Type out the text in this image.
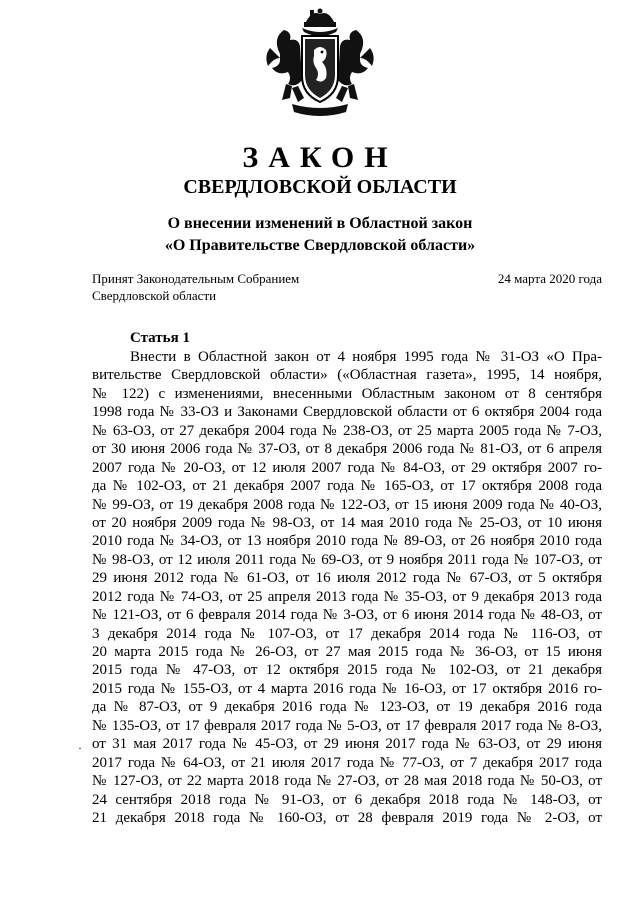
ЗАКОН
СВЕРДЛОВСКОЙ ОБЛАСТИ
О внесении изменений в Областной закон
«О Правительстве Свердловской области»
Принят Законодательным Собранием
Свердловской области
24 марта 2020 года
Статья 1
Внести в Областной закон от 4 ноября 1995 года № 31-ОЗ «О Пра-
вительстве Свердловской области» («Областная газета», 1995, 14 ноября,
№ 122) с изменениями, внесенными Областным законом от 8 сентября
1998 года № 33-ОЗ и Законами Свердловской области от 6 октября 2004 года
№ 63-ОЗ, от 27 декабря 2004 года № 238-ОЗ, от 25 марта 2005 года № 7-ОЗ,
от 30 июня 2006 года № 37-ОЗ, от 8 декабря 2006 года № 81-ОЗ, от 6 апреля
2007 года № 20-ОЗ, от 12 июля 2007 года № 84-ОЗ, от 29 октября 2007 го-
да № 102-ОЗ, от 21 декабря 2007 года № 165-ОЗ, от 17 октября 2008 года
№ 99-ОЗ, от 19 декабря 2008 года № 122-ОЗ, от 15 июня 2009 года № 40-ОЗ,
от 20 ноября 2009 года № 98-ОЗ, от 14 мая 2010 года № 25-ОЗ, от 10 июня
2010 года № 34-ОЗ, от 13 ноября 2010 года № 89-ОЗ, от 26 ноября 2010 года
№ 98-ОЗ, от 12 июля 2011 года № 69-ОЗ, от 9 ноября 2011 года № 107-ОЗ, от
29 июня 2012 года № 61-ОЗ, от 16 июля 2012 года № 67-ОЗ, от 5 октября
2012 года № 74-ОЗ, от 25 апреля 2013 года № 35-ОЗ, от 9 декабря 2013 года
№ 121-ОЗ, от 6 февраля 2014 года № 3-ОЗ, от 6 июня 2014 года № 48-ОЗ, от
3 декабря 2014 года № 107-ОЗ, от 17 декабря 2014 года № 116-ОЗ, от
20 марта 2015 года № 26-ОЗ, от 27 мая 2015 года № 36-ОЗ, от 15 июня
2015 года № 47-ОЗ, от 12 октября 2015 года № 102-ОЗ, от 21 декабря
2015 года № 155-ОЗ, от 4 марта 2016 года № 16-ОЗ, от 17 октября 2016 го-
да № 87-ОЗ, от 9 декабря 2016 года № 123-ОЗ, от 19 декабря 2016 года
№ 135-ОЗ, от 17 февраля 2017 года № 5-ОЗ, от 17 февраля 2017 года № 8-ОЗ,
от 31 мая 2017 года № 45-ОЗ, от 29 июня 2017 года № 63-ОЗ, от 29 июня
2017 года № 64-ОЗ, от 21 июля 2017 года № 77-ОЗ, от 7 декабря 2017 года
№ 127-ОЗ, от 22 марта 2018 года № 27-ОЗ, от 28 мая 2018 года № 50-ОЗ, от
24 сентября 2018 года № 91-ОЗ, от 6 декабря 2018 года № 148-ОЗ, от
21 декабря 2018 года № 160-ОЗ, от 28 февраля 2019 года № 2-ОЗ, от
·
